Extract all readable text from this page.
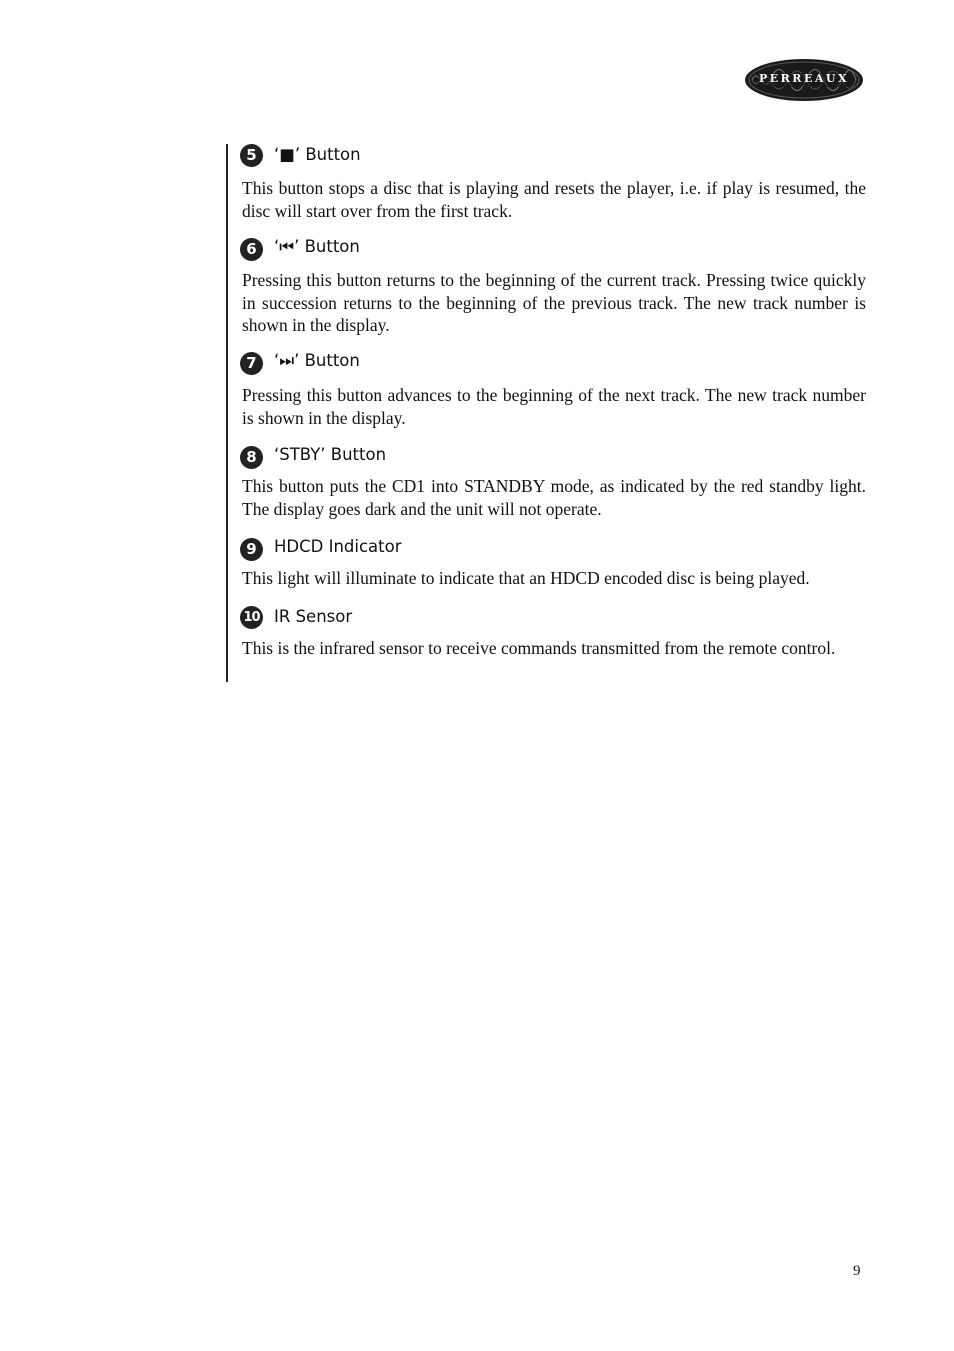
PERREAUX
5	‘■’ Button
This button stops a disc that is playing and resets the player, i.e. if play is resumed, the disc will start over from the first track.
6	‘⏮’ Button
Pressing this button returns to the beginning of the current track. Pressing twice quickly in succession returns to the beginning of the previous track. The new track number is shown in the display.
7	‘⏭’ Button
Pressing this button advances to the beginning of the next track. The new track number is shown in the display.
8	‘STBY’ Button
This button puts the CD1 into STANDBY mode, as indicated by the red standby light. The display goes dark and the unit will not operate.
9	HDCD Indicator
This light will illuminate to indicate that an HDCD encoded disc is being played.
10 IR Sensor
This is the infrared sensor to receive commands transmitted from the remote control.
9
